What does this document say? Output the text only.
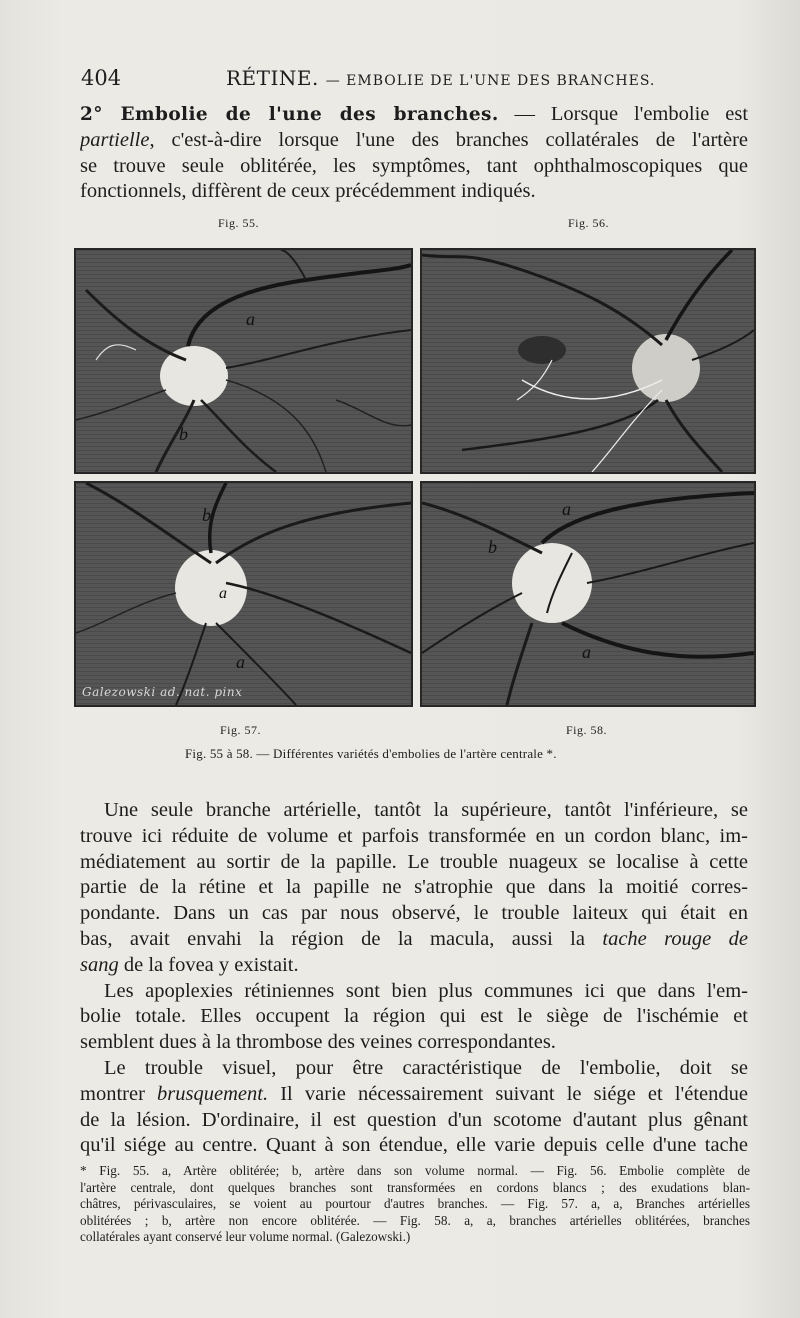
404	RÉTINE. — EMBOLIE DE L'UNE DES BRANCHES.
2° Embolie de l'une des branches. — Lorsque l'embolie est
partielle, c'est-à-dire lorsque l'une des branches collatérales de l'artère
se trouve seule oblitérée, les symptômes, tant ophthalmoscopiques que
fonctionnels, diffèrent de ceux précédemment indiqués.
Fig. 55.	Fig. 56.
a
b
b
a
a
Galezowski ad. nat. pinx
a
b
a
Fig. 57.	Fig. 58.
Fig. 55 à 58. — Différentes variétés d'embolies de l'artère centrale *.
Une seule branche artérielle, tantôt la supérieure, tantôt l'inférieure, se
trouve ici réduite de volume et parfois transformée en un cordon blanc, im-
médiatement au sortir de la papille. Le trouble nuageux se localise à cette
partie de la rétine et la papille ne s'atrophie que dans la moitié corres-
pondante. Dans un cas par nous observé, le trouble laiteux qui était en
bas, avait envahi la région de la macula, aussi la tache rouge de
sang de la fovea y existait.
Les apoplexies rétiniennes sont bien plus communes ici que dans l'em-
bolie totale. Elles occupent la région qui est le siège de l'ischémie et
semblent dues à la thrombose des veines correspondantes.
Le trouble visuel, pour être caractéristique de l'embolie, doit se
montrer brusquement. Il varie nécessairement suivant le siége et l'étendue
de la lésion. D'ordinaire, il est question d'un scotome d'autant plus gênant
qu'il siége au centre. Quant à son étendue, elle varie depuis celle d'une tache
* Fig. 55. a, Artère oblitérée; b, artère dans son volume normal. — Fig. 56. Embolie complète de
l'artère centrale, dont quelques branches sont transformées en cordons blancs ; des exudations blan-
châtres, périvasculaires, se voient au pourtour d'autres branches. — Fig. 57. a, a, Branches artérielles
oblitérées ; b, artère non encore oblitérée. — Fig. 58. a, a, branches artérielles oblitérées, branches
collatérales ayant conservé leur volume normal. (Galezowski.)
